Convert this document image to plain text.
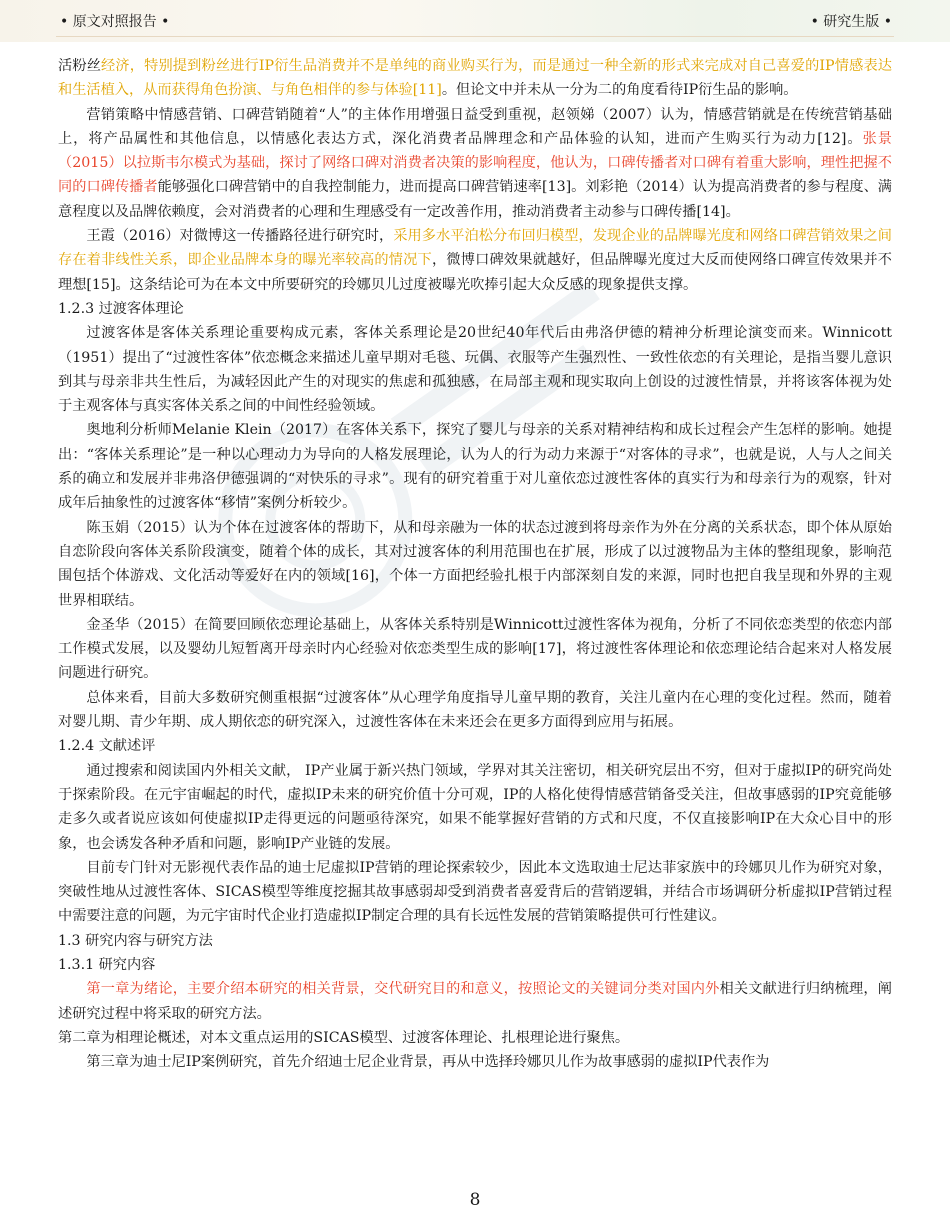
• 原文对照报告 •	• 研究生版 •

活粉丝经济，特别提到粉丝进行IP衍生品消费并不是单纯的商业购买行为，而是通过一种全新的形式来完成对自己喜爱的IP情感表达和生活植入，从而获得角色扮演、与角色相伴的参与体验[11]。但论文中并未从一分为二的角度看待IP衍生品的影响。

营销策略中情感营销、口碑营销随着“人”的主体作用增强日益受到重视，赵领娣（2007）认为，情感营销就是在传统营销基础上，将产品属性和其他信息，以情感化表达方式，深化消费者品牌理念和产品体验的认知，进而产生购买行为动力[12]。张景（2015）以拉斯韦尔模式为基础，探讨了网络口碑对消费者决策的影响程度，他认为，口碑传播者对口碑有着重大影响，理性把握不同的口碑传播者能够强化口碑营销中的自我控制能力，进而提高口碑营销速率[13]。刘彩艳（2014）认为提高消费者的参与程度、满意程度以及品牌依赖度，会对消费者的心理和生理感受有一定改善作用，推动消费者主动参与口碑传播[14]。

王霞（2016）对微博这一传播路径进行研究时，采用多水平泊松分布回归模型，发现企业的品牌曝光度和网络口碑营销效果之间存在着非线性关系，即企业品牌本身的曝光率较高的情况下，微博口碑效果就越好，但品牌曝光度过大反而使网络口碑宣传效果并不理想[15]。这条结论可为在本文中所要研究的玲娜贝儿过度被曝光吹捧引起大众反感的现象提供支撑。

1.2.3 过渡客体理论

过渡客体是客体关系理论重要构成元素，客体关系理论是20世纪40年代后由弗洛伊德的精神分析理论演变而来。Winnicott（1951）提出了“过渡性客体”依恋概念来描述儿童早期对毛毯、玩偶、衣服等产生强烈性、一致性依恋的有关理论，是指当婴儿意识到其与母亲非共生性后，为减轻因此产生的对现实的焦虑和孤独感，在局部主观和现实取向上创设的过渡性情景，并将该客体视为处于主观客体与真实客体关系之间的中间性经验领域。

奥地利分析师Melanie Klein（2017）在客体关系下，探究了婴儿与母亲的关系对精神结构和成长过程会产生怎样的影响。她提出：“客体关系理论”是一种以心理动力为导向的人格发展理论，认为人的行为动力来源于“对客体的寻求”，也就是说，人与人之间关系的确立和发展并非弗洛伊德强调的“对快乐的寻求”。现有的研究着重于对儿童依恋过渡性客体的真实行为和母亲行为的观察，针对成年后抽象性的过渡客体“移情”案例分析较少。

陈玉娟（2015）认为个体在过渡客体的帮助下，从和母亲融为一体的状态过渡到将母亲作为外在分离的关系状态，即个体从原始自恋阶段向客体关系阶段演变，随着个体的成长，其对过渡客体的利用范围也在扩展，形成了以过渡物品为主体的整组现象，影响范围包括个体游戏、文化活动等爱好在内的领域[16]，个体一方面把经验扎根于内部深刻自发的来源，同时也把自我呈现和外界的主观世界相联结。

金圣华（2015）在简要回顾依恋理论基础上，从客体关系特别是Winnicott过渡性客体为视角，分析了不同依恋类型的依恋内部工作模式发展，以及婴幼儿短暂离开母亲时内心经验对依恋类型生成的影响[17]，将过渡性客体理论和依恋理论结合起来对人格发展问题进行研究。

总体来看，目前大多数研究侧重根据“过渡客体”从心理学角度指导儿童早期的教育，关注儿童内在心理的变化过程。然而，随着对婴儿期、青少年期、成人期依恋的研究深入，过渡性客体在未来还会在更多方面得到应用与拓展。

1.2.4 文献述评

通过搜索和阅读国内外相关文献， IP产业属于新兴热门领域，学界对其关注密切，相关研究层出不穷，但对于虚拟IP的研究尚处于探索阶段。在元宇宙崛起的时代，虚拟IP未来的研究价值十分可观，IP的人格化使得情感营销备受关注，但故事感弱的IP究竟能够走多久或者说应该如何使虚拟IP走得更远的问题亟待深究，如果不能掌握好营销的方式和尺度，不仅直接影响IP在大众心目中的形象，也会诱发各种矛盾和问题，影响IP产业链的发展。

目前专门针对无影视代表作品的迪士尼虚拟IP营销的理论探索较少，因此本文选取迪士尼达菲家族中的玲娜贝儿作为研究对象，突破性地从过渡性客体、SICAS模型等维度挖掘其故事感弱却受到消费者喜爱背后的营销逻辑，并结合市场调研分析虚拟IP营销过程中需要注意的问题，为元宇宙时代企业打造虚拟IP制定合理的具有长远性发展的营销策略提供可行性建议。

1.3 研究内容与研究方法

1.3.1 研究内容

第一章为绪论，主要介绍本研究的相关背景，交代研究目的和意义，按照论文的关键词分类对国内外相关文献进行归纳梳理，阐述研究过程中将采取的研究方法。

第二章为相理论概述，对本文重点运用的SICAS模型、过渡客体理论、扎根理论进行聚焦。

第三章为迪士尼IP案例研究，首先介绍迪士尼企业背景，再从中选择玲娜贝儿作为故事感弱的虚拟IP代表作为

8
